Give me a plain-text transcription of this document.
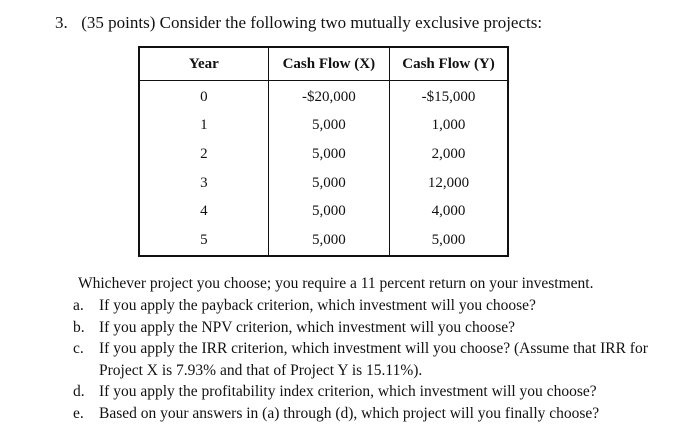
3. (35 points) Consider the following two mutually exclusive projects:
Year	Cash Flow (X)	Cash Flow (Y)
0	-$20,000	-$15,000
1	5,000	1,000
2	5,000	2,000
3	5,000	12,000
4	5,000	4,000
5	5,000	5,000
Whichever project you choose; you require a 11 percent return on your investment.
a. If you apply the payback criterion, which investment will you choose?
b. If you apply the NPV criterion, which investment will you choose?
c. If you apply the IRR criterion, which investment will you choose? (Assume that IRR for Project X is 7.93% and that of Project Y is 15.11%).
d. If you apply the profitability index criterion, which investment will you choose?
e. Based on your answers in (a) through (d), which project will you finally choose?
